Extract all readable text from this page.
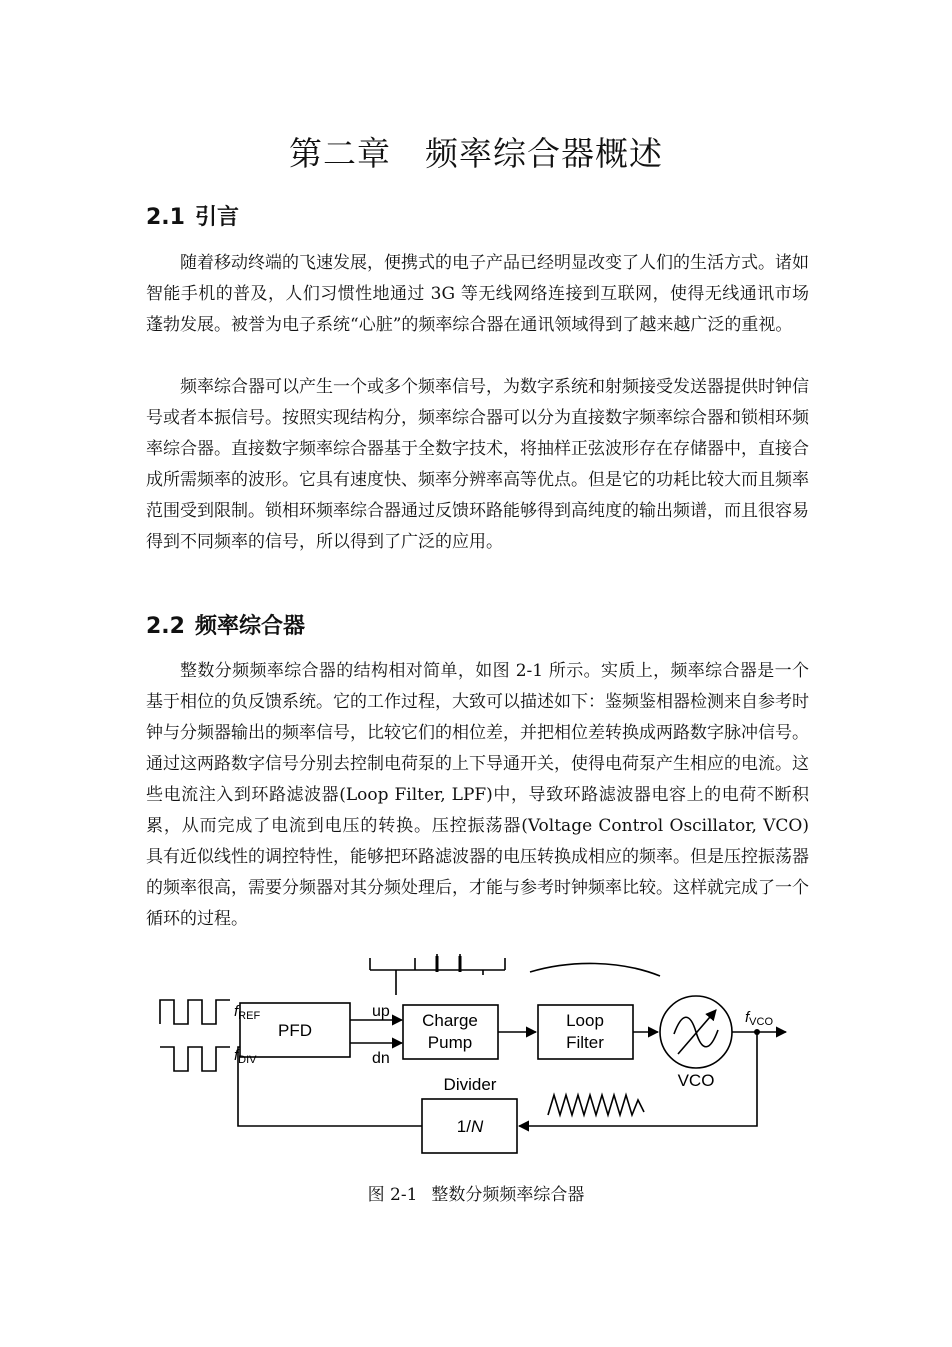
第二章　频率综合器概述
2.1 引言

随着移动终端的飞速发展，便携式的电子产品已经明显改变了人们的生活方式。诸如智能手机的普及，人们习惯性地通过 3G 等无线网络连接到互联网，使得无线通讯市场蓬勃发展。被誉为电子系统“心脏”的频率综合器在通讯领域得到了越来越广泛的重视。

频率综合器可以产生一个或多个频率信号，为数字系统和射频接受发送器提供时钟信号或者本振信号。按照实现结构分，频率综合器可以分为直接数字频率综合器和锁相环频率综合器。直接数字频率综合器基于全数字技术，将抽样正弦波形存在存储器中，直接合成所需频率的波形。它具有速度快、频率分辨率高等优点。但是它的功耗比较大而且频率范围受到限制。锁相环频率综合器通过反馈环路能够得到高纯度的输出频谱，而且很容易得到不同频率的信号，所以得到了广泛的应用。

2.2 频率综合器

整数分频频率综合器的结构相对简单，如图 2-1 所示。实质上，频率综合器是一个基于相位的负反馈系统。它的工作过程，大致可以描述如下：鉴频鉴相器检测来自参考时钟与分频器输出的频率信号，比较它们的相位差，并把相位差转换成两路数字脉冲信号。通过这两路数字信号分别去控制电荷泵的上下导通开关，使得电荷泵产生相应的电流。这些电流注入到环路滤波器(Loop Filter, LPF)中，导致环路滤波器电容上的电荷不断积累，从而完成了电流到电压的转换。压控振荡器(Voltage Control Oscillator, VCO) 具有近似线性的调控特性，能够把环路滤波器的电压转换成相应的频率。但是压控振荡器的频率很高，需要分频器对其分频处理后，才能与参考时钟频率比较。这样就完成了一个循环的过程。

$f_{REF}$
$f_{DIV}$
PFD
up
dn
Charge
Pump
Loop
Filter
VCO
$f_{VCO}$
Divider
1/N
图 2-1 整数分频频率综合器
